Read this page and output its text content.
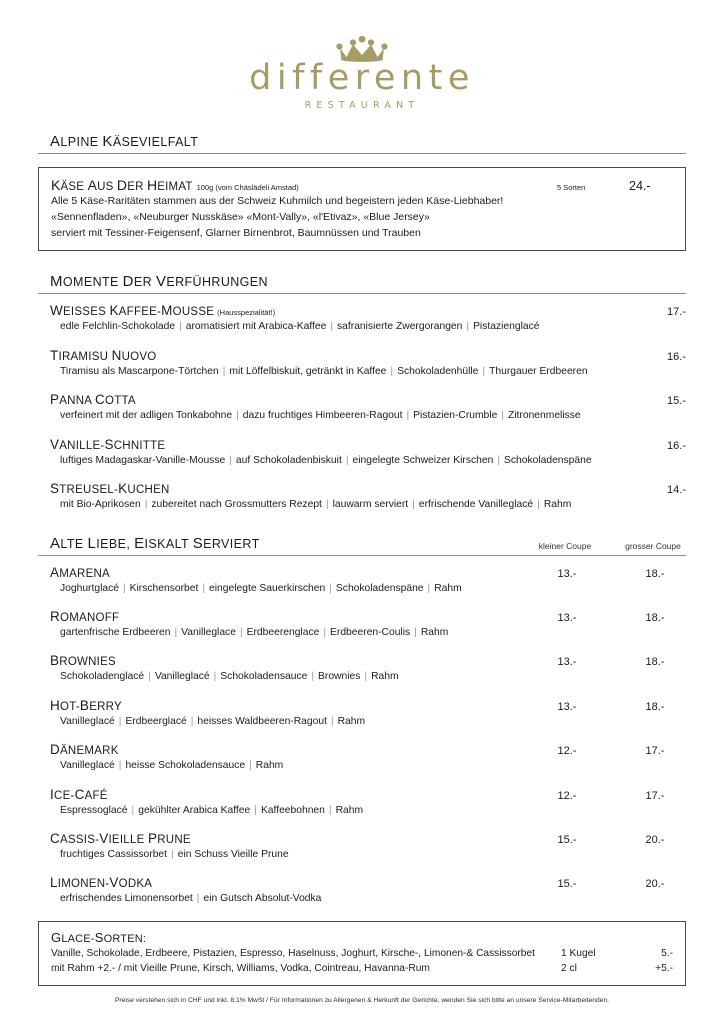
differente
RESTAURANT
ALPINE KÄSEVIELFALT
KÄSE AUS DER HEIMAT 100g (vom Chäslädeli Amstad)	5 Sorten	24.-
Alle 5 Käse-Raritäten stammen aus der Schweiz Kuhmilch und begeistern jeden Käse-Liebhaber!
«Sennenfladen», «Neuburger Nusskäse» «Mont-Vally», «l'Etivaz», «Blue Jersey»
serviert mit Tessiner-Feigensenf, Glarner Birnenbrot, Baumnüssen und Trauben
MOMENTE DER VERFÜHRUNGEN
WEISSES KAFFEE-MOUSSE (Hausspezialität!)	17.-
edle Felchlin-Schokolade | aromatisiert mit Arabica-Kaffee | safranisierte Zwergorangen | Pistazienglacé
TIRAMISU NUOVO	16.-
Tiramisu als Mascarpone-Törtchen | mit Löffelbiskuit, getränkt in Kaffee | Schokoladenhülle | Thurgauer Erdbeeren
PANNA COTTA	15.-
verfeinert mit der adligen Tonkabohne | dazu fruchtiges Himbeeren-Ragout | Pistazien-Crumble | Zitronenmelisse
VANILLE-SCHNITTE	16.-
luftiges Madagaskar-Vanille-Mousse | auf Schokoladenbiskuit | eingelegte Schweizer Kirschen | Schokoladenspäne
STREUSEL-KUCHEN	14.-
mit Bio-Aprikosen | zubereitet nach Grossmutters Rezept | lauwarm serviert | erfrischende Vanilleglacé | Rahm
ALTE LIEBE, EISKALT SERVIERT	kleiner Coupe	grosser Coupe
AMARENA	13.-	18.-
Joghurtglacé | Kirschensorbet | eingelegte Sauerkirschen | Schokoladenspäne | Rahm
ROMANOFF	13.-	18.-
gartenfrische Erdbeeren | Vanilleglace | Erdbeerenglace | Erdbeeren-Coulis | Rahm
BROWNIES	13.-	18.-
Schokoladenglacé | Vanilleglacé | Schokoladensauce | Brownies | Rahm
HOT-BERRY	13.-	18.-
Vanilleglacé | Erdbeerglacé | heisses Waldbeeren-Ragout | Rahm
DÄNEMARK	12.-	17.-
Vanilleglacé | heisse Schokoladensauce | Rahm
ICE-CAFÉ	12.-	17.-
Espressoglacé | gekühlter Arabica Kaffee | Kaffeebohnen | Rahm
CASSIS-VIEILLE PRUNE	15.-	20.-
fruchtiges Cassissorbet | ein Schuss Vieille Prune
LIMONEN-VODKA	15.-	20.-
erfrischendes Limonensorbet | ein Gutsch Absolut-Vodka
GLACE-SORTEN:
Vanille, Schokolade, Erdbeere, Pistazien, Espresso, Haselnuss, Joghurt, Kirsche-, Limonen-& Cassissorbet	1 Kugel	5.-
mit Rahm +2.- / mit Vieille Prune, Kirsch, Williams, Vodka, Cointreau, Havanna-Rum	2 cl	+5.-
Preise verstehen sich in CHF und inkl. 8.1% MwSt / Für Informationen zu Allergenen & Herkunft der Gerichte, wenden Sie sich bitte an unsere Service-Mitarbeitenden.
